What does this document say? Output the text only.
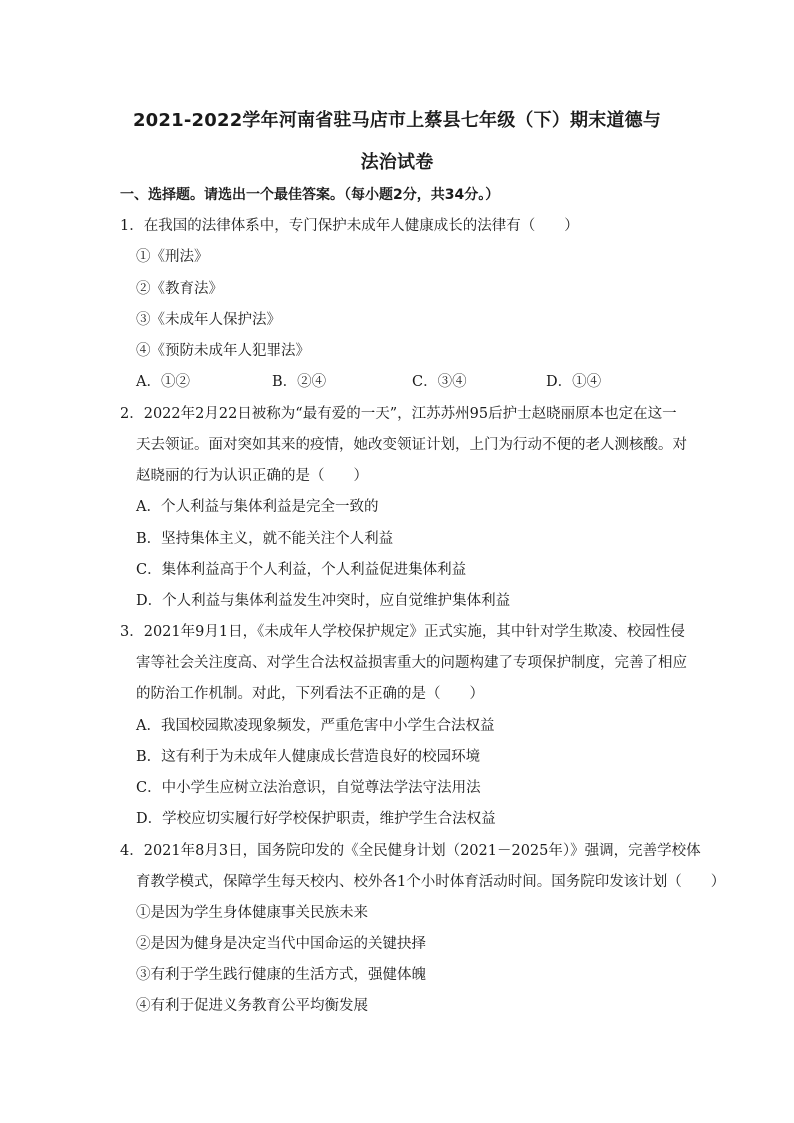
2021-2022学年河南省驻马店市上蔡县七年级（下）期末道德与
法治试卷
一、选择题。请选出一个最佳答案。（每小题2分，共34分。）
1．在我国的法律体系中，专门保护未成年人健康成长的法律有（　　）
①《刑法》
②《教育法》
③《未成年人保护法》
④《预防未成年人犯罪法》
A．①②	B．②④	C．③④	D．①④
2．2022年2月22日被称为“最有爱的一天”，江苏苏州95后护士赵晓丽原本也定在这一
天去领证。面对突如其来的疫情，她改变领证计划，上门为行动不便的老人测核酸。对
赵晓丽的行为认识正确的是（　　）
A．个人利益与集体利益是完全一致的
B．坚持集体主义，就不能关注个人利益
C．集体利益高于个人利益，个人利益促进集体利益
D．个人利益与集体利益发生冲突时，应自觉维护集体利益
3．2021年9月1日，《未成年人学校保护规定》正式实施，其中针对学生欺凌、校园性侵
害等社会关注度高、对学生合法权益损害重大的问题构建了专项保护制度，完善了相应
的防治工作机制。对此，下列看法不正确的是（　　）
A．我国校园欺凌现象频发，严重危害中小学生合法权益
B．这有利于为未成年人健康成长营造良好的校园环境
C．中小学生应树立法治意识，自觉尊法学法守法用法
D．学校应切实履行好学校保护职责，维护学生合法权益
4．2021年8月3日，国务院印发的《全民健身计划（2021－2025年）》强调，完善学校体
育教学模式，保障学生每天校内、校外各1个小时体育活动时间。国务院印发该计划（　　）
①是因为学生身体健康事关民族未来
②是因为健身是决定当代中国命运的关键抉择
③有利于学生践行健康的生活方式，强健体魄
④有利于促进义务教育公平均衡发展
